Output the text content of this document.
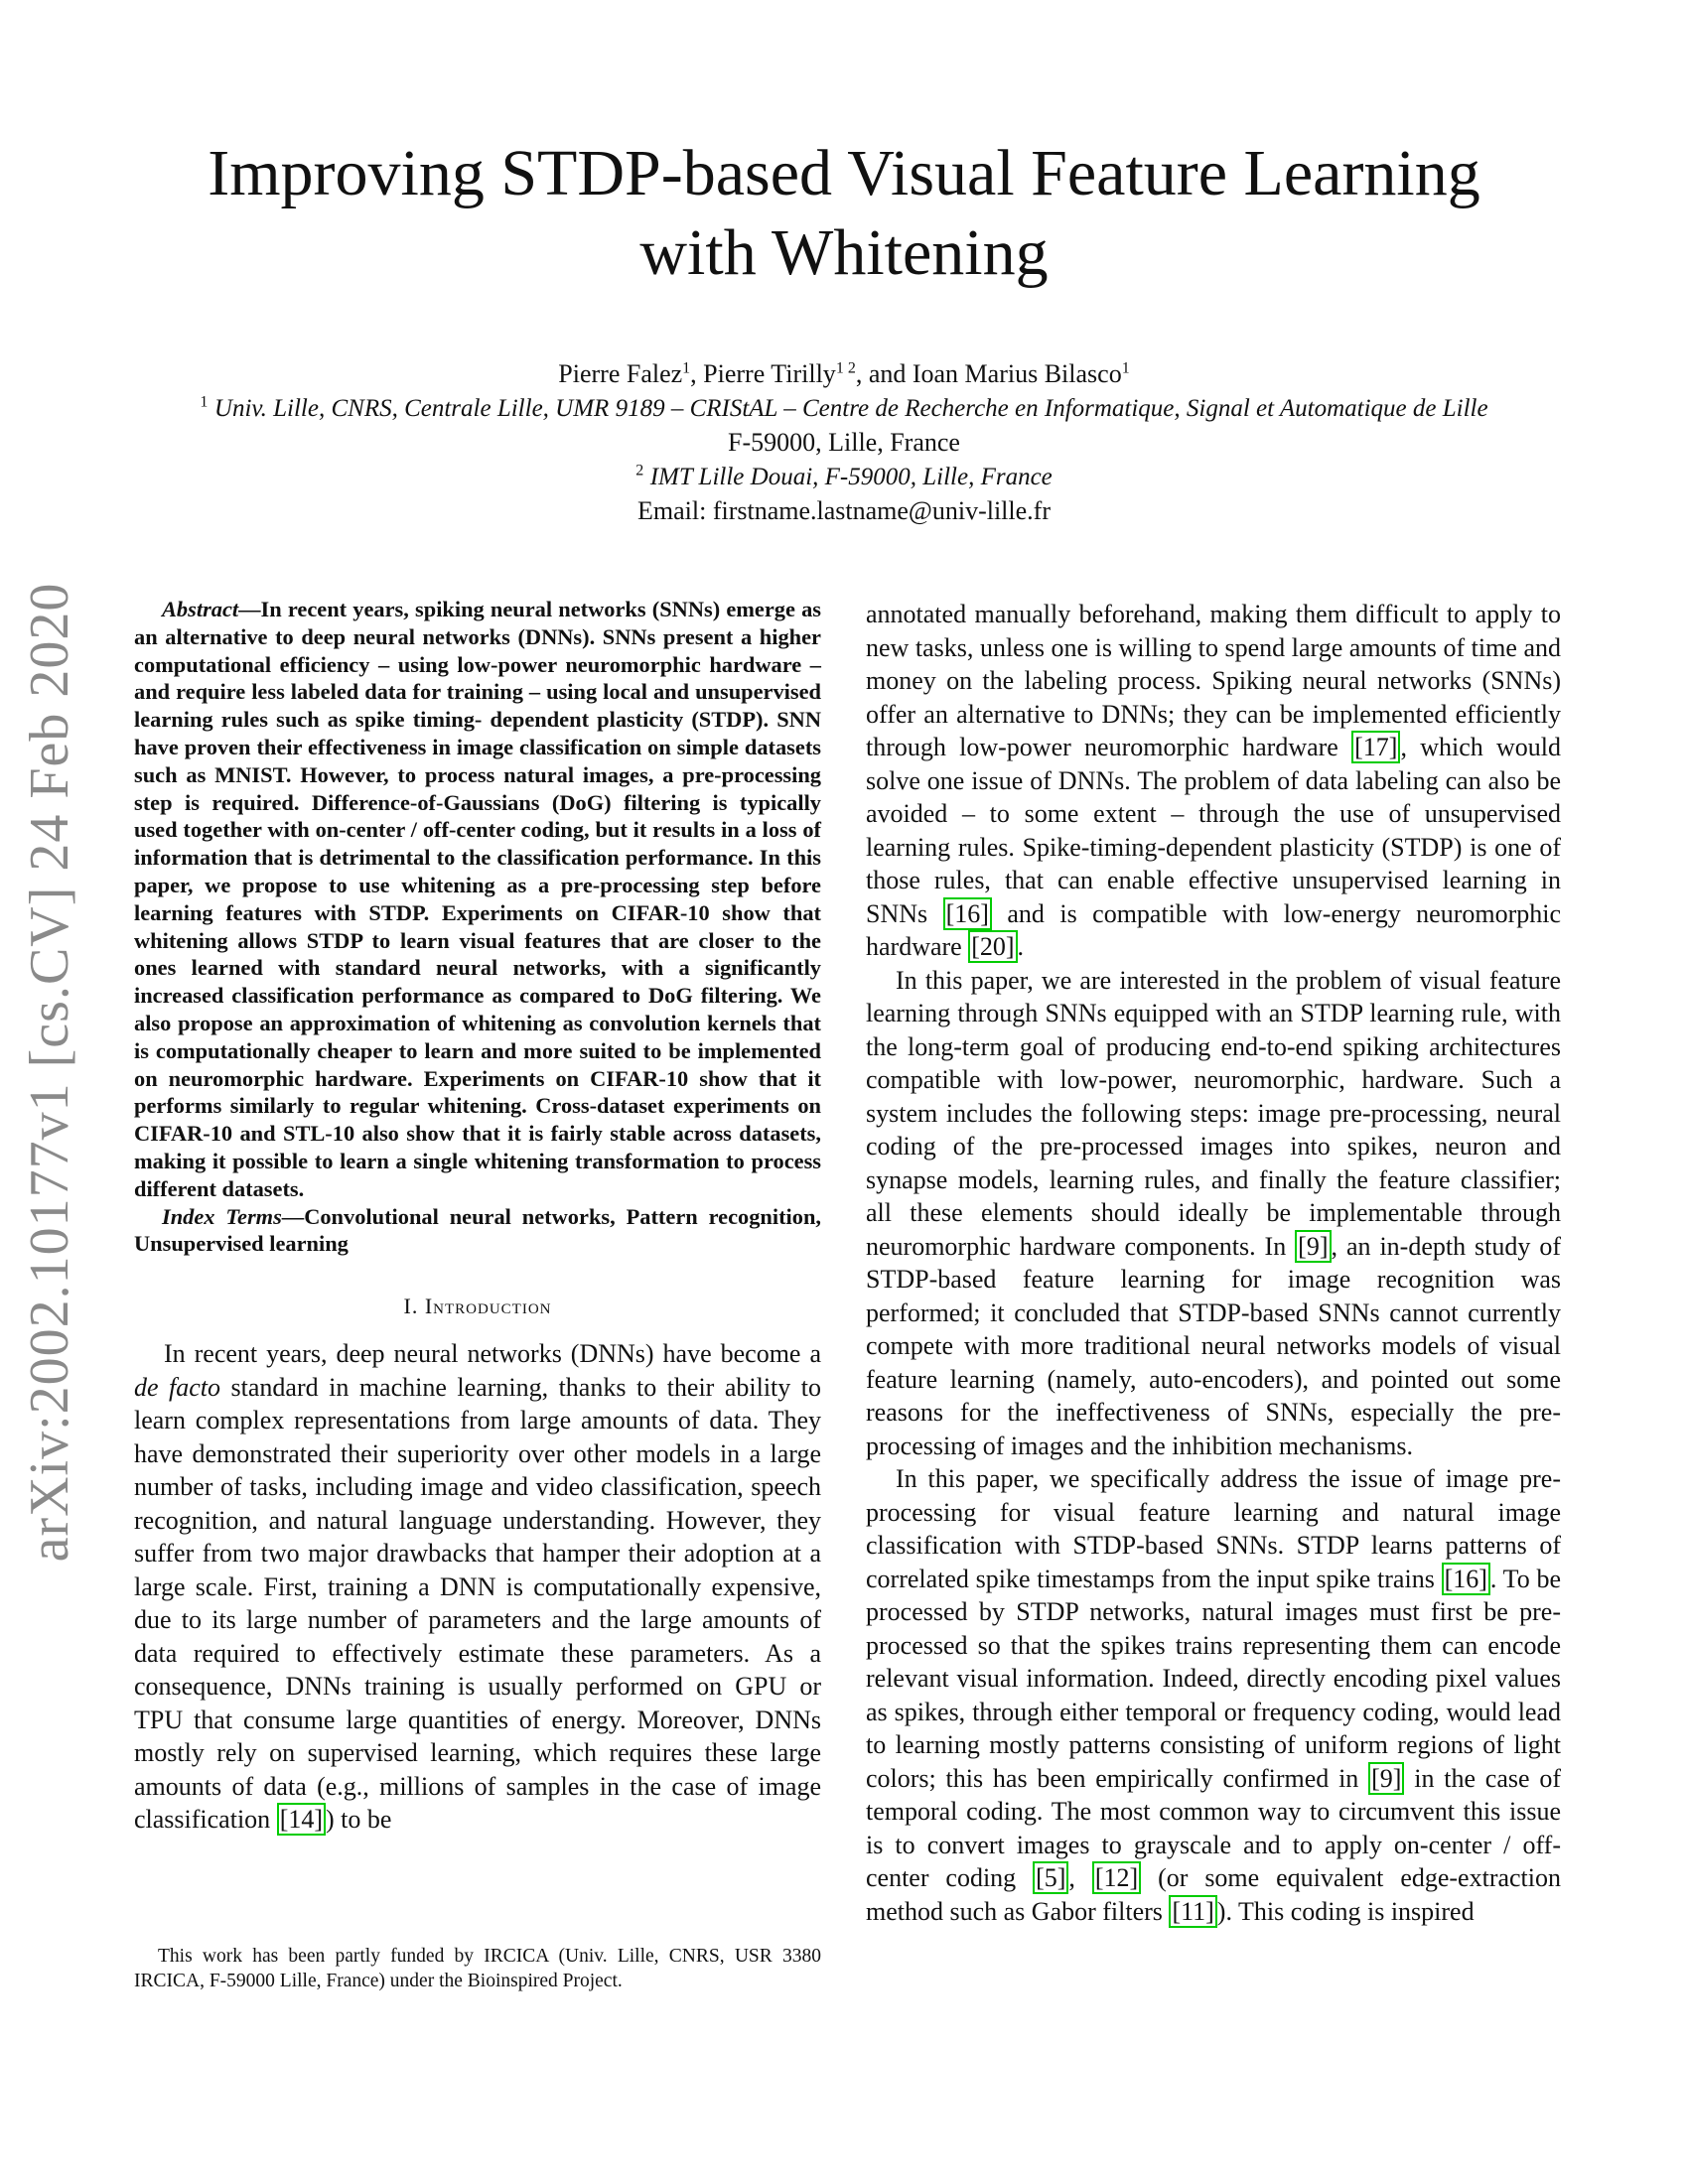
arXiv:2002.10177v1 [cs.CV] 24 Feb 2020
Improving STDP-based Visual Feature Learning
with Whitening
Pierre Falez$^1$, Pierre Tirilly$^{1 2}$, and Ioan Marius Bilasco$^1$
$^1$ Univ. Lille, CNRS, Centrale Lille, UMR 9189 – CRIStAL – Centre de Recherche en Informatique, Signal et Automatique de Lille
F-59000, Lille, France
$^2$ IMT Lille Douai, F-59000, Lille, France
Email: firstname.lastname@univ-lille.fr

Abstract—In recent years, spiking neural networks (SNNs) emerge as an alternative to deep neural networks (DNNs). SNNs present a higher computational efficiency – using low-power neuromorphic hardware – and require less labeled data for training – using local and unsupervised learning rules such as spike timing- dependent plasticity (STDP). SNN have proven their effectiveness in image classification on simple datasets such as MNIST. However, to process natural images, a pre-processing step is required. Difference-of-Gaussians (DoG) filtering is typically used together with on-center / off-center coding, but it results in a loss of information that is detrimental to the classification performance. In this paper, we propose to use whitening as a pre-processing step before learning features with STDP. Experiments on CIFAR-10 show that whitening allows STDP to learn visual features that are closer to the ones learned with standard neural networks, with a significantly increased classification performance as compared to DoG filtering. We also propose an approximation of whitening as convolution kernels that is computationally cheaper to learn and more suited to be implemented on neuromorphic hardware. Experiments on CIFAR-10 show that it performs similarly to regular whitening. Cross-dataset experiments on CIFAR-10 and STL-10 also show that it is fairly stable across datasets, making it possible to learn a single whitening transformation to process different datasets.

Index Terms—Convolutional neural networks, Pattern recognition, Unsupervised learning

I. Introduction

In recent years, deep neural networks (DNNs) have become a de facto standard in machine learning, thanks to their ability to learn complex representations from large amounts of data. They have demonstrated their superiority over other models in a large number of tasks, including image and video classification, speech recognition, and natural language understanding. However, they suffer from two major drawbacks that hamper their adoption at a large scale. First, training a DNN is computationally expensive, due to its large number of parameters and the large amounts of data required to effectively estimate these parameters. As a consequence, DNNs training is usually performed on GPU or TPU that consume large quantities of energy. Moreover, DNNs mostly rely on supervised learning, which requires these large amounts of data (e.g., millions of samples in the case of image classification [14] ) to be

This work has been partly funded by IRCICA (Univ. Lille, CNRS, USR 3380 IRCICA, F-59000 Lille, France) under the Bioinspired Project.

annotated manually beforehand, making them difficult to apply to new tasks, unless one is willing to spend large amounts of time and money on the labeling process. Spiking neural networks (SNNs) offer an alternative to DNNs; they can be implemented efficiently through low-power neuromorphic hardware [17] , which would solve one issue of DNNs. The problem of data labeling can also be avoided – to some extent – through the use of unsupervised learning rules. Spike-timing-dependent plasticity (STDP) is one of those rules, that can enable effective unsupervised learning in SNNs [16] and is compatible with low-energy neuromorphic hardware [20] .

In this paper, we are interested in the problem of visual feature learning through SNNs equipped with an STDP learning rule, with the long-term goal of producing end-to-end spiking architectures compatible with low-power, neuromorphic, hardware. Such a system includes the following steps: image pre-processing, neural coding of the pre-processed images into spikes, neuron and synapse models, learning rules, and finally the feature classifier; all these elements should ideally be implementable through neuromorphic hardware components. In [9] , an in-depth study of STDP-based feature learning for image recognition was performed; it concluded that STDP-based SNNs cannot currently compete with more traditional neural networks models of visual feature learning (namely, auto-encoders), and pointed out some reasons for the ineffectiveness of SNNs, especially the pre-processing of images and the inhibition mechanisms.

In this paper, we specifically address the issue of image pre-processing for visual feature learning and natural image classification with STDP-based SNNs. STDP learns patterns of correlated spike timestamps from the input spike trains [16] . To be processed by STDP networks, natural images must first be pre-processed so that the spikes trains representing them can encode relevant visual information. Indeed, directly encoding pixel values as spikes, through either temporal or frequency coding, would lead to learning mostly patterns consisting of uniform regions of light colors; this has been empirically confirmed in [9] in the case of temporal coding. The most common way to circumvent this issue is to convert images to grayscale and to apply on-center / off-center coding [5] , [12] (or some equivalent edge-extraction method such as Gabor filters [11] ). This coding is inspired
